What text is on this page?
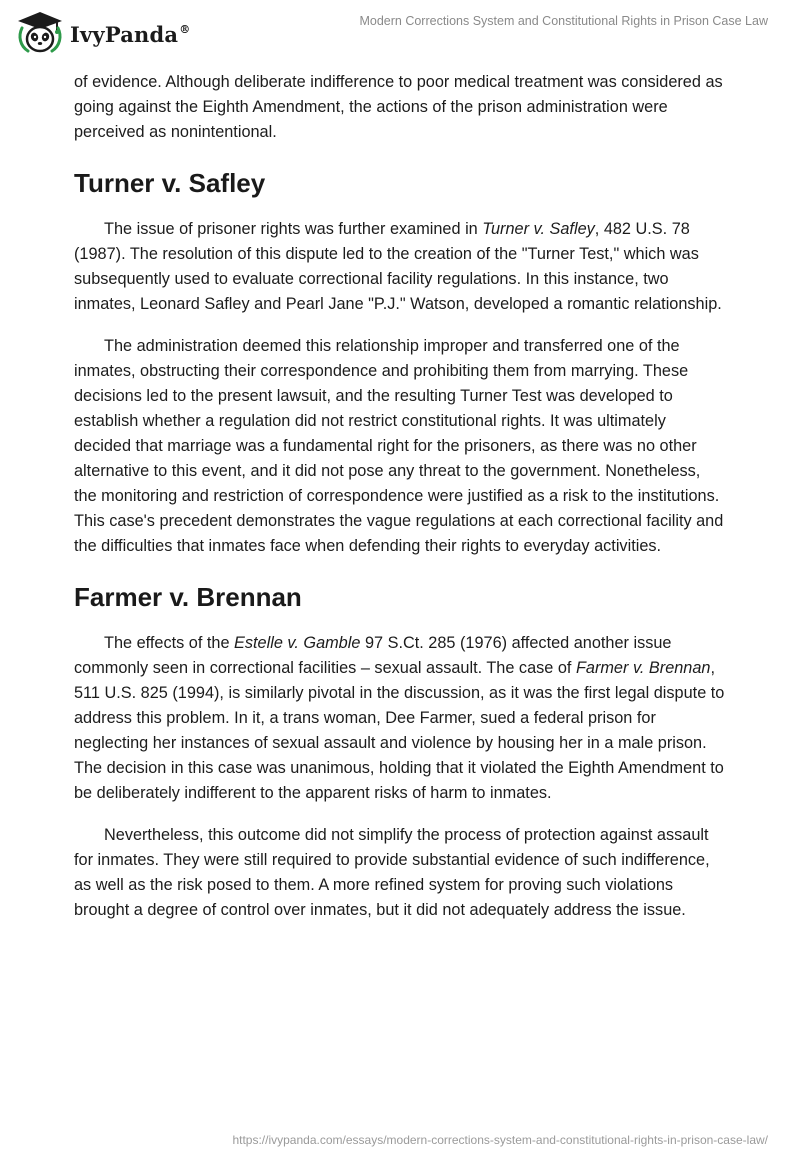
IvyPanda®
Modern Corrections System and Constitutional Rights in Prison Case Law

of evidence. Although deliberate indifference to poor medical treatment was considered as going against the Eighth Amendment, the actions of the prison administration were perceived as nonintentional.

Turner v. Safley

The issue of prisoner rights was further examined in Turner v. Safley, 482 U.S. 78 (1987). The resolution of this dispute led to the creation of the "Turner Test," which was subsequently used to evaluate correctional facility regulations. In this instance, two inmates, Leonard Safley and Pearl Jane "P.J." Watson, developed a romantic relationship.

The administration deemed this relationship improper and transferred one of the inmates, obstructing their correspondence and prohibiting them from marrying. These decisions led to the present lawsuit, and the resulting Turner Test was developed to establish whether a regulation did not restrict constitutional rights. It was ultimately decided that marriage was a fundamental right for the prisoners, as there was no other alternative to this event, and it did not pose any threat to the government. Nonetheless, the monitoring and restriction of correspondence were justified as a risk to the institutions. This case's precedent demonstrates the vague regulations at each correctional facility and the difficulties that inmates face when defending their rights to everyday activities.

Farmer v. Brennan

The effects of the Estelle v. Gamble 97 S.Ct. 285 (1976) affected another issue commonly seen in correctional facilities – sexual assault. The case of Farmer v. Brennan, 511 U.S. 825 (1994), is similarly pivotal in the discussion, as it was the first legal dispute to address this problem. In it, a trans woman, Dee Farmer, sued a federal prison for neglecting her instances of sexual assault and violence by housing her in a male prison. The decision in this case was unanimous, holding that it violated the Eighth Amendment to be deliberately indifferent to the apparent risks of harm to inmates.

Nevertheless, this outcome did not simplify the process of protection against assault for inmates. They were still required to provide substantial evidence of such indifference, as well as the risk posed to them. A more refined system for proving such violations brought a degree of control over inmates, but it did not adequately address the issue.

https://ivypanda.com/essays/modern-corrections-system-and-constitutional-rights-in-prison-case-law/
